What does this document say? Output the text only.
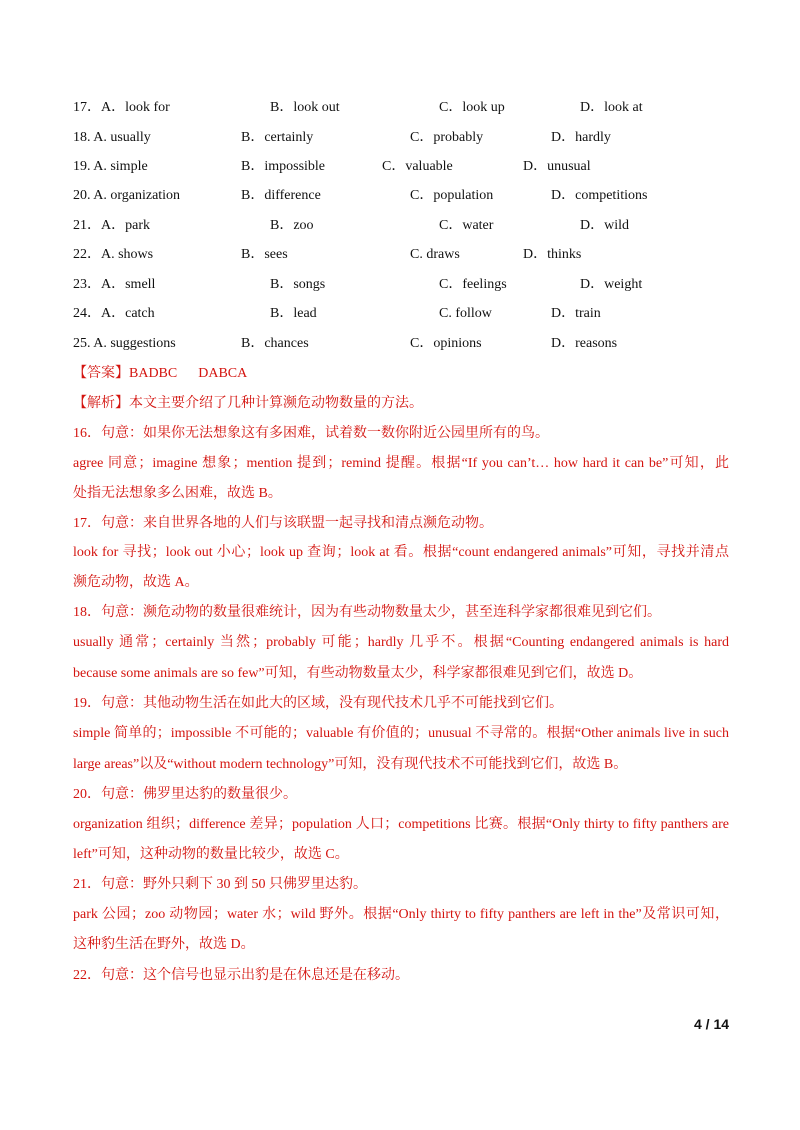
17．A．look for	B．look out	C．look up	D．look at
18. A. usually	B．certainly	C．probably	D．hardly
19. A. simple	B．impossible	C．valuable	D．unusual
20. A. organization	B．difference	C．population	D．competitions
21．A．park	B．zoo	C．water	D．wild
22．A. shows	B．sees	C. draws	D．thinks
23．A．smell	B．songs	C．feelings	D．weight
24．A．catch	B．lead	C. follow	D．train
25. A. suggestions	B．chances	C．opinions	D．reasons
【答案】BADBC      DABCA
【解析】本文主要介绍了几种计算濒危动物数量的方法。
16．句意：如果你无法想象这有多困难，试着数一数你附近公园里所有的鸟。
agree 同意；imagine 想象；mention 提到；remind 提醒。根据“If you can’t… how hard it can be”可知，此
处指无法想象多么困难，故选 B。
17．句意：来自世界各地的人们与该联盟一起寻找和清点濒危动物。
look for 寻找；look out 小心；look up 查询；look at 看。根据“count endangered animals”可知，寻找并清点
濒危动物，故选 A。
18．句意：濒危动物的数量很难统计，因为有些动物数量太少，甚至连科学家都很难见到它们。
usually 通常；certainly 当然；probably 可能；hardly 几乎不。根据“Counting endangered animals is hard
because some animals are so few”可知，有些动物数量太少，科学家都很难见到它们，故选 D。
19．句意：其他动物生活在如此大的区域，没有现代技术几乎不可能找到它们。
simple 简单的；impossible 不可能的；valuable 有价值的；unusual 不寻常的。根据“Other animals live in such
large areas”以及“without modern technology”可知，没有现代技术不可能找到它们，故选 B。
20．句意：佛罗里达豹的数量很少。
organization 组织；difference 差异；population 人口；competitions 比赛。根据“Only thirty to fifty panthers are
left”可知，这种动物的数量比较少，故选 C。
21．句意：野外只剩下 30 到 50 只佛罗里达豹。
park 公园；zoo 动物园；water 水；wild 野外。根据“Only thirty to fifty panthers are left in the”及常识可知，
这种豹生活在野外，故选 D。
22．句意：这个信号也显示出豹是在休息还是在移动。
4 / 14
